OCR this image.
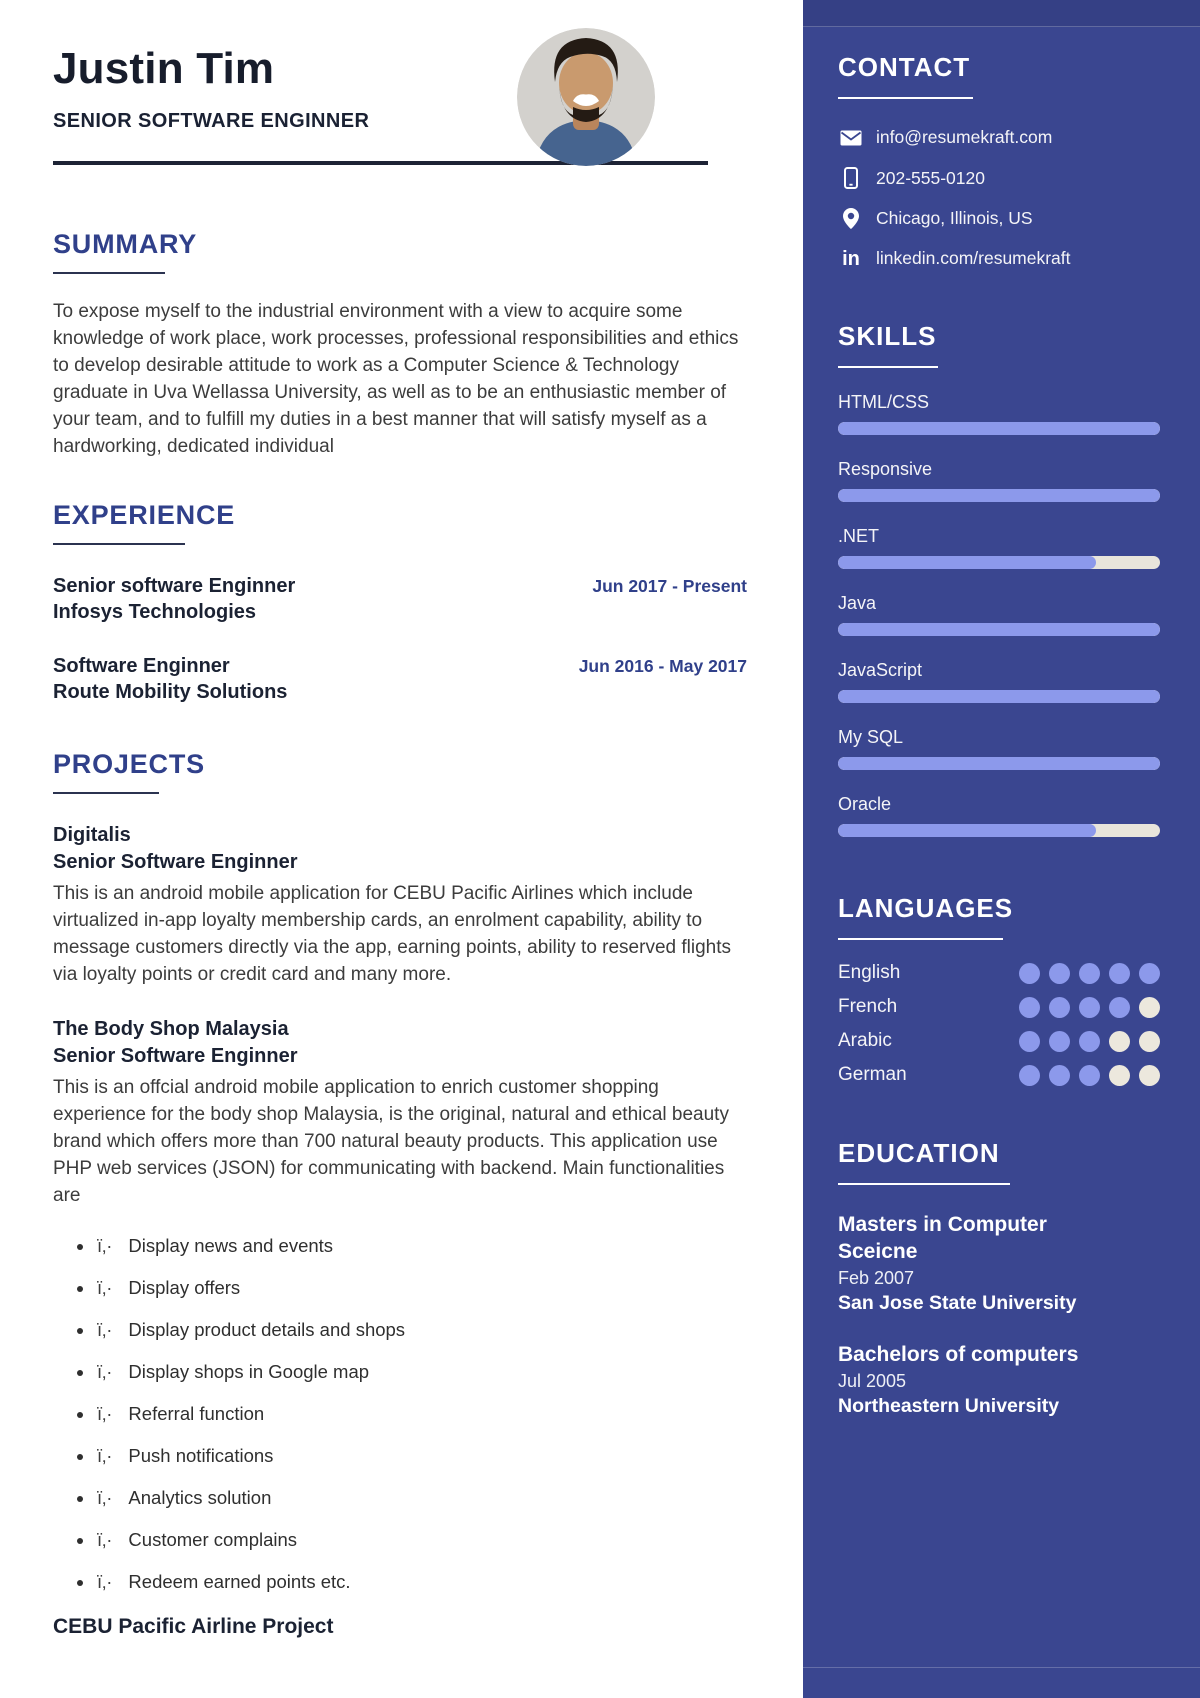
Justin Tim
SENIOR SOFTWARE ENGINNER
SUMMARY
To expose myself to the industrial environment with a view to acquire some knowledge of work place, work processes, professional responsibilities and ethics to develop desirable attitude to work as a Computer Science & Technology graduate in Uva Wellassa University, as well as to be an enthusiastic member of your team, and to fulfill my duties in a best manner that will satisfy myself as a hardworking, dedicated individual
EXPERIENCE
Senior software Enginner
Infosys Technologies
Jun 2017 - Present
Software Enginner
Route Mobility Solutions
Jun 2016 - May 2017
PROJECTS
Digitalis
Senior Software Enginner
This is an android mobile application for CEBU Pacific Airlines which include virtualized in-app loyalty membership cards, an enrolment capability, ability to message customers directly via the app, earning points, ability to reserved flights via loyalty points or credit card and many more.
The Body Shop Malaysia
Senior Software Enginner
This is an offcial android mobile application to enrich customer shopping experience for the body shop Malaysia, is the original, natural and ethical beauty brand which offers more than 700 natural beauty products. This application use PHP web services (JSON) for communicating with backend. Main functionalities are
• ï‚· Display news and events
• ï‚· Display offers
• ï‚· Display product details and shops
• ï‚· Display shops in Google map
• ï‚· Referral function
• ï‚· Push notifications
• ï‚· Analytics solution
• ï‚· Customer complains
• ï‚· Redeem earned points etc.
CEBU Pacific Airline Project
CONTACT
info@resumekraft.com
202-555-0120
Chicago, Illinois, US
in linkedin.com/resumekraft
SKILLS
HTML/CSS
Responsive
.NET
Java
JavaScript
My SQL
Oracle
LANGUAGES
English
French
Arabic
German
EDUCATION
Masters in Computer Sceicne
Feb 2007
San Jose State University
Bachelors of computers
Jul 2005
Northeastern University
